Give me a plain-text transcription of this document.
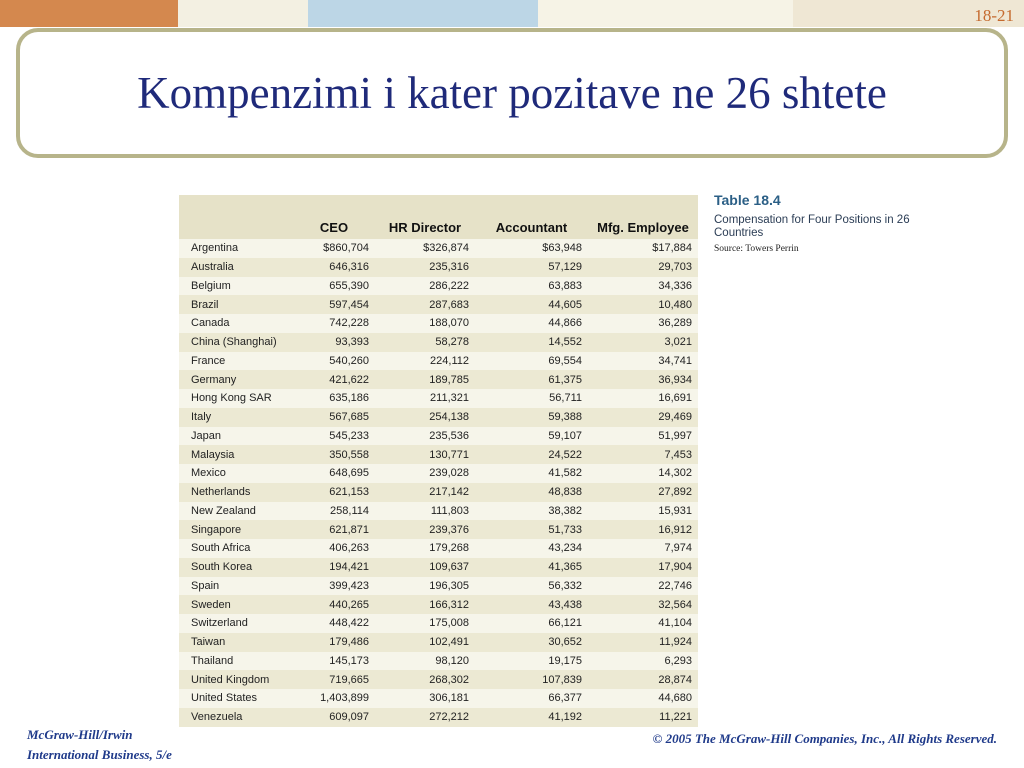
18-21
Kompenzimi i kater pozitave ne 26 shtete
	CEO	HR Director	Accountant	Mfg. Employee
Argentina	$860,704	$326,874	$63,948	$17,884
Australia	646,316	235,316	57,129	29,703
Belgium	655,390	286,222	63,883	34,336
Brazil	597,454	287,683	44,605	10,480
Canada	742,228	188,070	44,866	36,289
China (Shanghai)	93,393	58,278	14,552	3,021
France	540,260	224,112	69,554	34,741
Germany	421,622	189,785	61,375	36,934
Hong Kong SAR	635,186	211,321	56,711	16,691
Italy	567,685	254,138	59,388	29,469
Japan	545,233	235,536	59,107	51,997
Malaysia	350,558	130,771	24,522	7,453
Mexico	648,695	239,028	41,582	14,302
Netherlands	621,153	217,142	48,838	27,892
New Zealand	258,114	111,803	38,382	15,931
Singapore	621,871	239,376	51,733	16,912
South Africa	406,263	179,268	43,234	7,974
South Korea	194,421	109,637	41,365	17,904
Spain	399,423	196,305	56,332	22,746
Sweden	440,265	166,312	43,438	32,564
Switzerland	448,422	175,008	66,121	41,104
Taiwan	179,486	102,491	30,652	11,924
Thailand	145,173	98,120	19,175	6,293
United Kingdom	719,665	268,302	107,839	28,874
United States	1,403,899	306,181	66,377	44,680
Venezuela	609,097	272,212	41,192	11,221

Table 18.4

Compensation for Four Positions in 26 Countries

Source: Towers Perrin

McGraw-Hill/Irwin
International Business, 5/e
© 2005 The McGraw-Hill Companies, Inc., All Rights Reserved.
